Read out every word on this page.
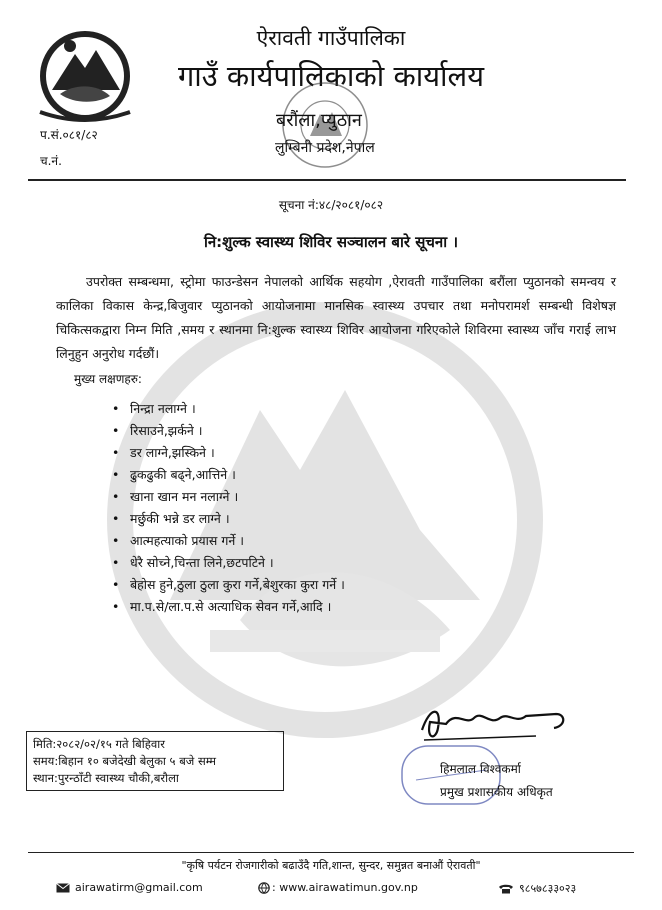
ऐरावती गाउँपालिका
गाउँ कार्यपालिकाको कार्यालय
बरौंला,प्युठान
लुम्बिनी प्रदेश,नेपाल
प.सं.०८१/८२
च.नं.
सूचना नं:४८/२०८१/०८२
नि:शुल्क स्वास्थ्य शिविर सञ्चालन बारे सूचना ।
उपरोक्त सम्बन्धमा, स्ट्रोमा फाउन्डेसन नेपालको आर्थिक सहयोग ,ऐरावती गाउँपालिका बरौंला प्युठानको समन्वय र कालिका विकास केन्द्र,बिजुवार प्युठानको आयोजनामा मानसिक स्वास्थ्य उपचार तथा मनोपरामर्श सम्बन्धी विशेषज्ञ चिकित्सकद्वारा निम्न मिति ,समय र स्थानमा नि:शुल्क स्वास्थ्य शिविर आयोजना गरिएकोले शिविरमा स्वास्थ्य जाँच गराई लाभ लिनुहुन अनुरोध गर्दछौं।
मुख्य लक्षणहरु:
• निन्द्रा नलाग्ने ।
• रिसाउने,झर्कने ।
• डर लाग्ने,झस्किने ।
• ढुकढुकी बढ्ने,आत्तिने ।
• खाना खान मन नलाग्ने ।
• मर्छुकी भन्ने डर लाग्ने ।
• आत्महत्याको प्रयास गर्ने ।
• धेरै सोच्ने,चिन्ता लिने,छटपटिने ।
• बेहोस हुने,ठुला ठुला कुरा गर्ने,बेशुरका कुरा गर्ने ।
• मा.प.से/ला.प.से अत्याधिक सेवन गर्ने,आदि ।
मिति:२०८२/०२/१५ गते बिहिवार
समय:बिहान १० बजेदेखी बेलुका ५ बजे सम्म
स्थान:पुरन्ठाँटी स्वास्थ्य चौकी,बरौला
हिमलाल विश्वकर्मा
प्रमुख प्रशासकीय अधिकृत
"कृषि पर्यटन रोजगारीको बढाउँदै गति,शान्त, सुन्दर, समुन्नत बनाऔं ऐरावती"
airawatirm@gmail.com	: www.airawatimun.gov.np	९८५७८३३०२३
